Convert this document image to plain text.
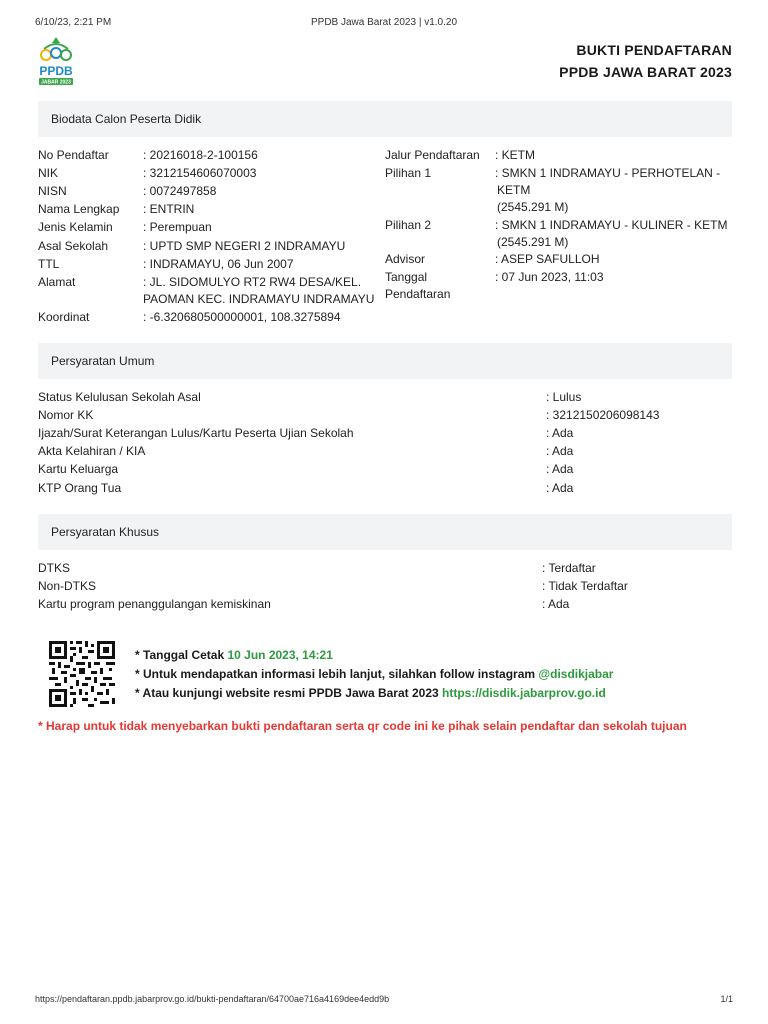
6/10/23, 2:21 PM	PPDB Jawa Barat 2023 | v1.0.20
PPDB
JABAR 2023
BUKTI PENDAFTARAN
PPDB JAWA BARAT 2023
Biodata Calon Peserta Didik
No Pendaftar	: 20216018-2-100156
NIK	: 3212154606070003
NISN	: 0072497858
Nama Lengkap : ENTRIN
Jenis Kelamin	: Perempuan
Asal Sekolah	: UPTD SMP NEGERI 2 INDRAMAYU
TTL	: INDRAMAYU, 06 Jun 2007
Alamat	: JL. SIDOMULYO RT2 RW4 DESA/KEL.
PAOMAN KEC. INDRAMAYU INDRAMAYU
Koordinat	: -6.320680500000001, 108.3275894
Jalur Pendaftaran : KETM
Pilihan 1	: SMKN 1 INDRAMAYU - PERHOTELAN -
KETM
(2545.291 M)
Pilihan 2	: SMKN 1 INDRAMAYU - KULINER - KETM
(2545.291 M)
Advisor	: ASEP SAFULLOH
Tanggal
Pendaftaran
: 07 Jun 2023, 11:03
Persyaratan Umum
Status Kelulusan Sekolah Asal	: Lulus
Nomor KK	: 3212150206098143
Ijazah/Surat Keterangan Lulus/Kartu Peserta Ujian Sekolah	: Ada
Akta Kelahiran / KIA	: Ada
Kartu Keluarga	: Ada
KTP Orang Tua	: Ada
Persyaratan Khusus
DTKS	: Terdaftar
Non-DTKS	: Tidak Terdaftar
Kartu program penanggulangan kemiskinan	: Ada
* Tanggal Cetak 10 Jun 2023, 14:21
* Untuk mendapatkan informasi lebih lanjut, silahkan follow instagram @disdikjabar
* Atau kunjungi website resmi PPDB Jawa Barat 2023 https://disdik.jabarprov.go.id
* Harap untuk tidak menyebarkan bukti pendaftaran serta qr code ini ke pihak selain pendaftar dan sekolah tujuan
https://pendaftaran.ppdb.jabarprov.go.id/bukti-pendaftaran/64700ae716a4169dee4edd9b	1/1
